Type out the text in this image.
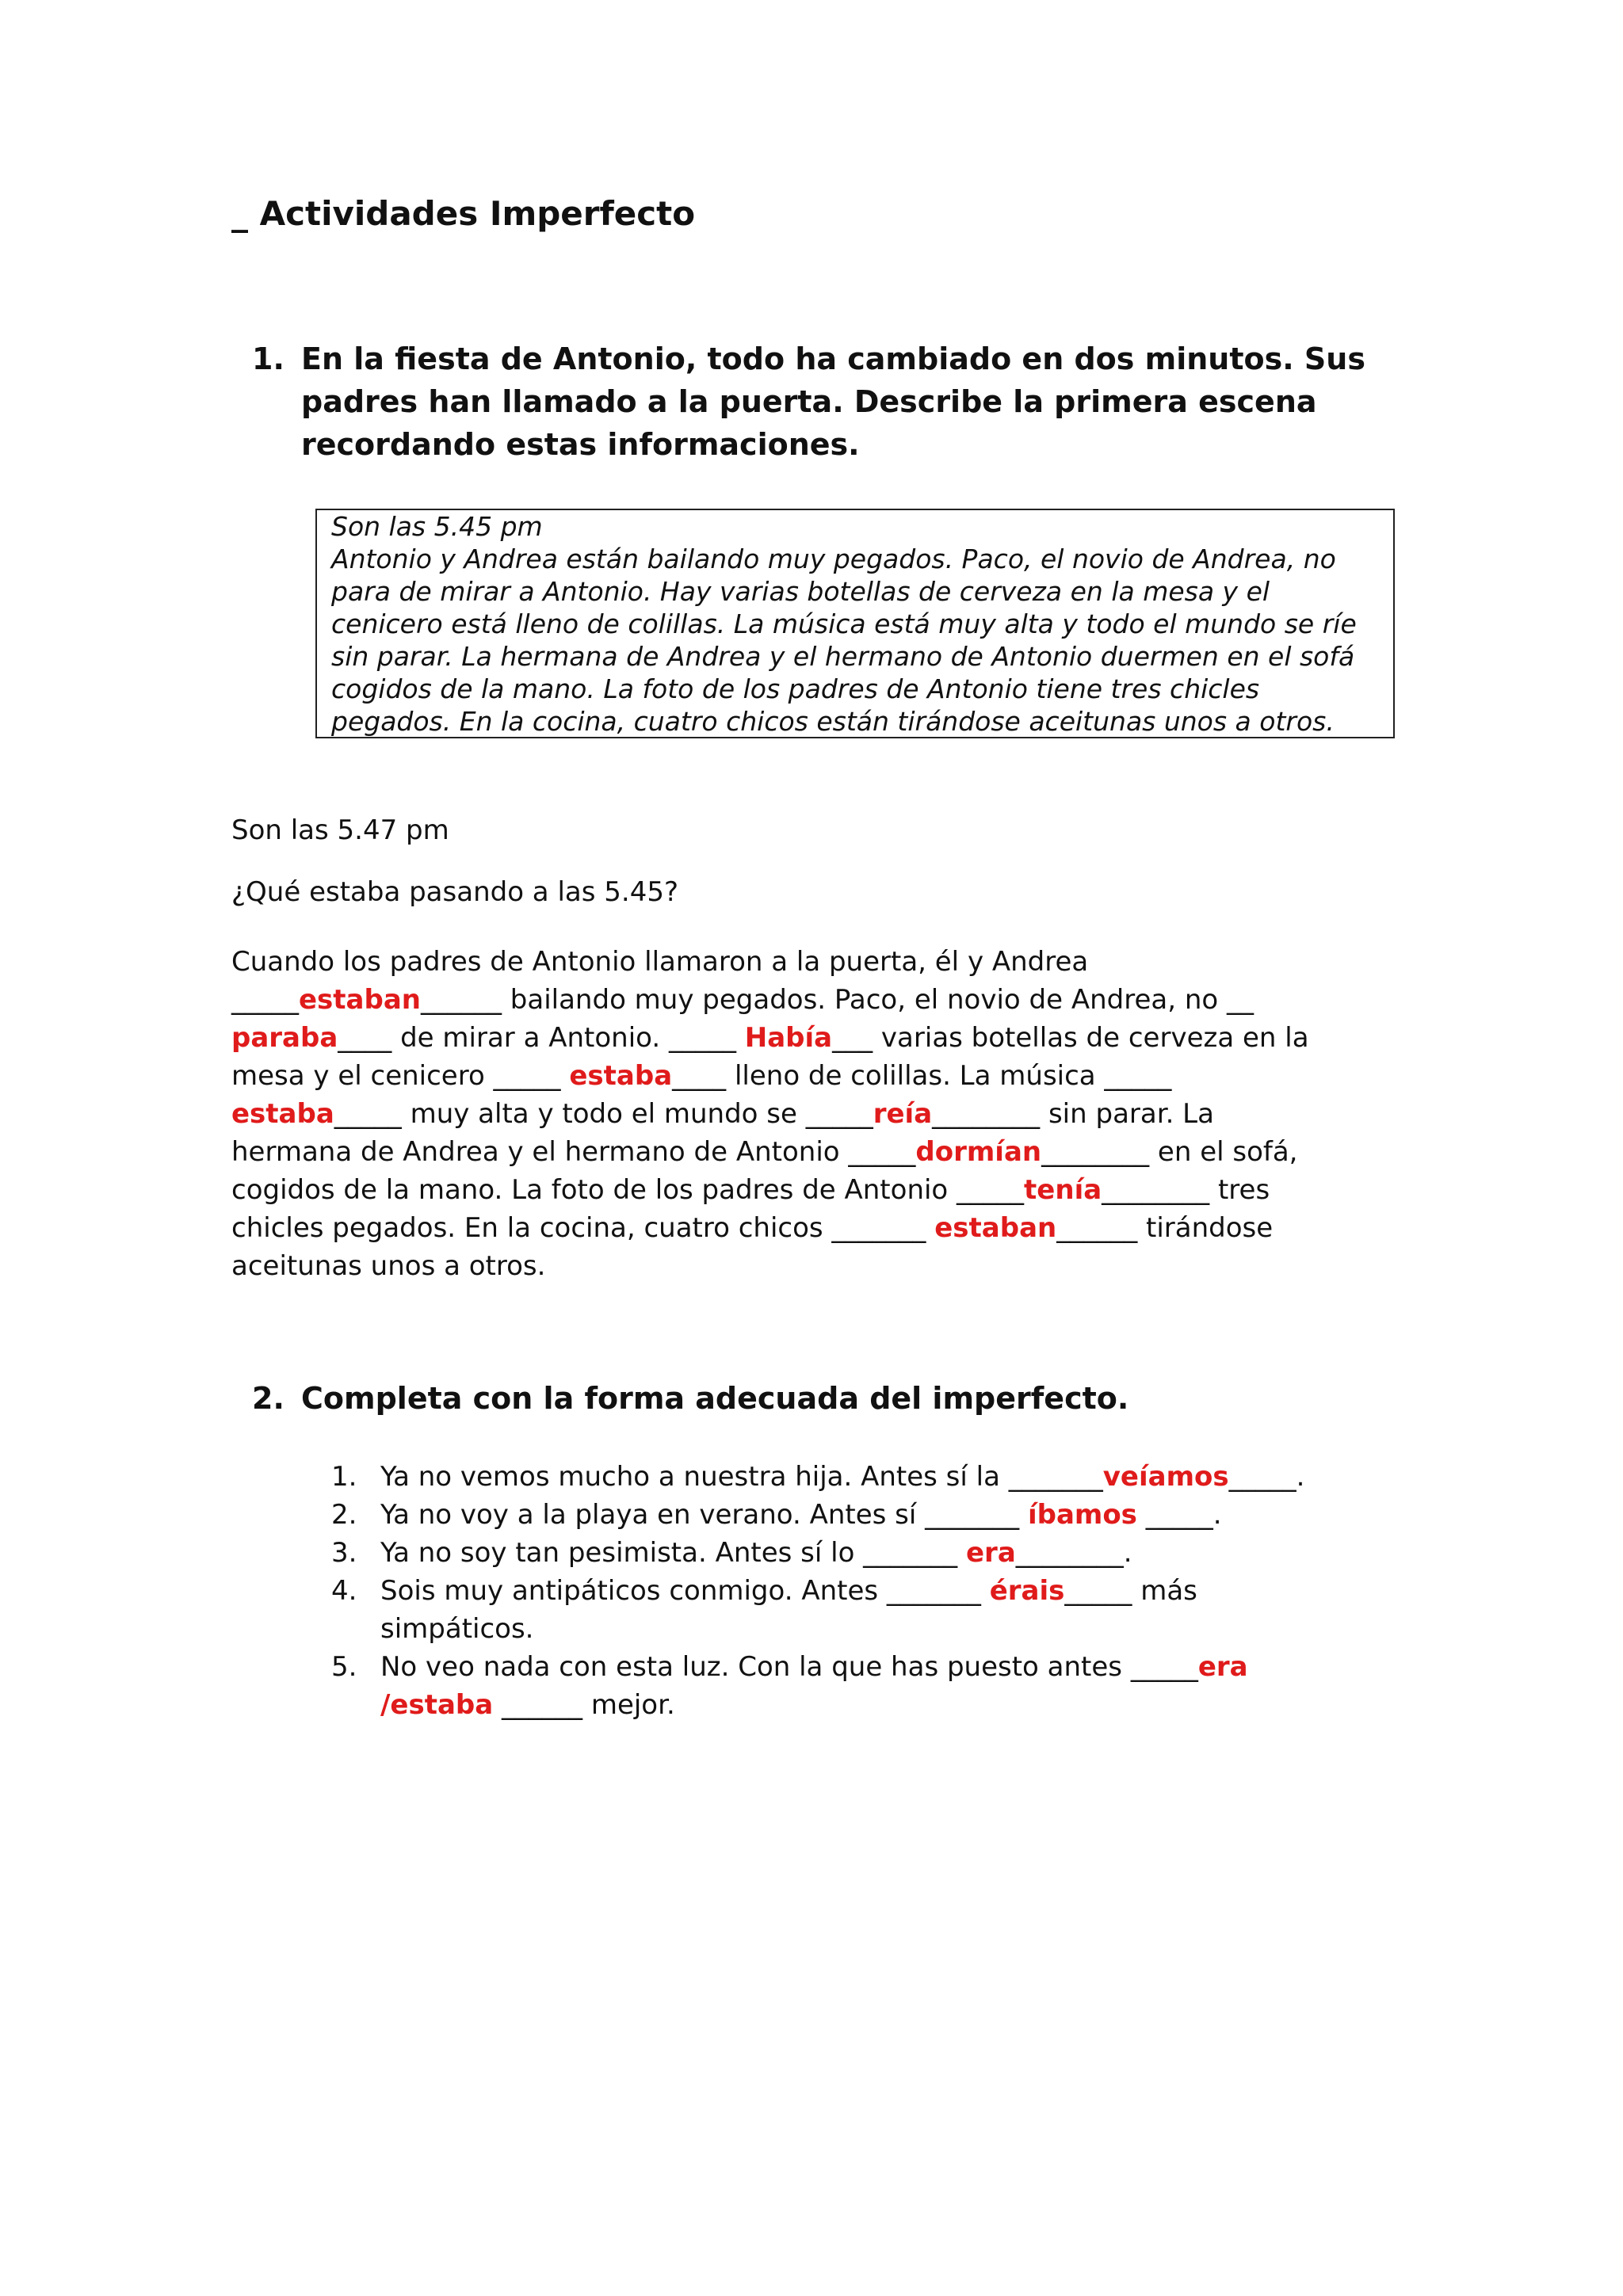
_ Actividades Imperfecto
1. En la fiesta de Antonio, todo ha cambiado en dos minutos. Sus padres han llamado a la puerta. Describe la primera escena recordando estas informaciones.

Son las 5.45 pm

Antonio y Andrea están bailando muy pegados. Paco, el novio de Andrea, no para de mirar a Antonio. Hay varias botellas de cerveza en la mesa y el cenicero está lleno de colillas. La música está muy alta y todo el mundo se ríe sin parar. La hermana de Andrea y el hermano de Antonio duermen en el sofá cogidos de la mano. La foto de los padres de Antonio tiene tres chicles pegados. En la cocina, cuatro chicos están tirándose aceitunas unos a otros.

Son las 5.47 pm

¿Qué estaba pasando a las 5.45?

Cuando los padres de Antonio llamaron a la puerta, él y Andrea
_____estaban______ bailando muy pegados. Paco, el novio de Andrea, no __
paraba____ de mirar a Antonio. _____ Había___ varias botellas de cerveza en la
mesa y el cenicero _____ estaba____ lleno de colillas. La música _____
estaba_____ muy alta y todo el mundo se _____reía________ sin parar. La
hermana de Andrea y el hermano de Antonio _____dormían________ en el sofá,
cogidos de la mano. La foto de los padres de Antonio _____tenía________ tres
chicles pegados. En la cocina, cuatro chicos _______ estaban______ tirándose
aceitunas unos a otros.

2. Completa con la forma adecuada del imperfecto.
1. Ya no vemos mucho a nuestra hija. Antes sí la _______veíamos_____.
2. Ya no voy a la playa en verano. Antes sí _______ íbamos _____.
3. Ya no soy tan pesimista. Antes sí lo _______ era________.
4. Sois muy antipáticos conmigo. Antes _______ érais_____ más
simpáticos.
5. No veo nada con esta luz. Con la que has puesto antes _____era
/estaba ______ mejor.
